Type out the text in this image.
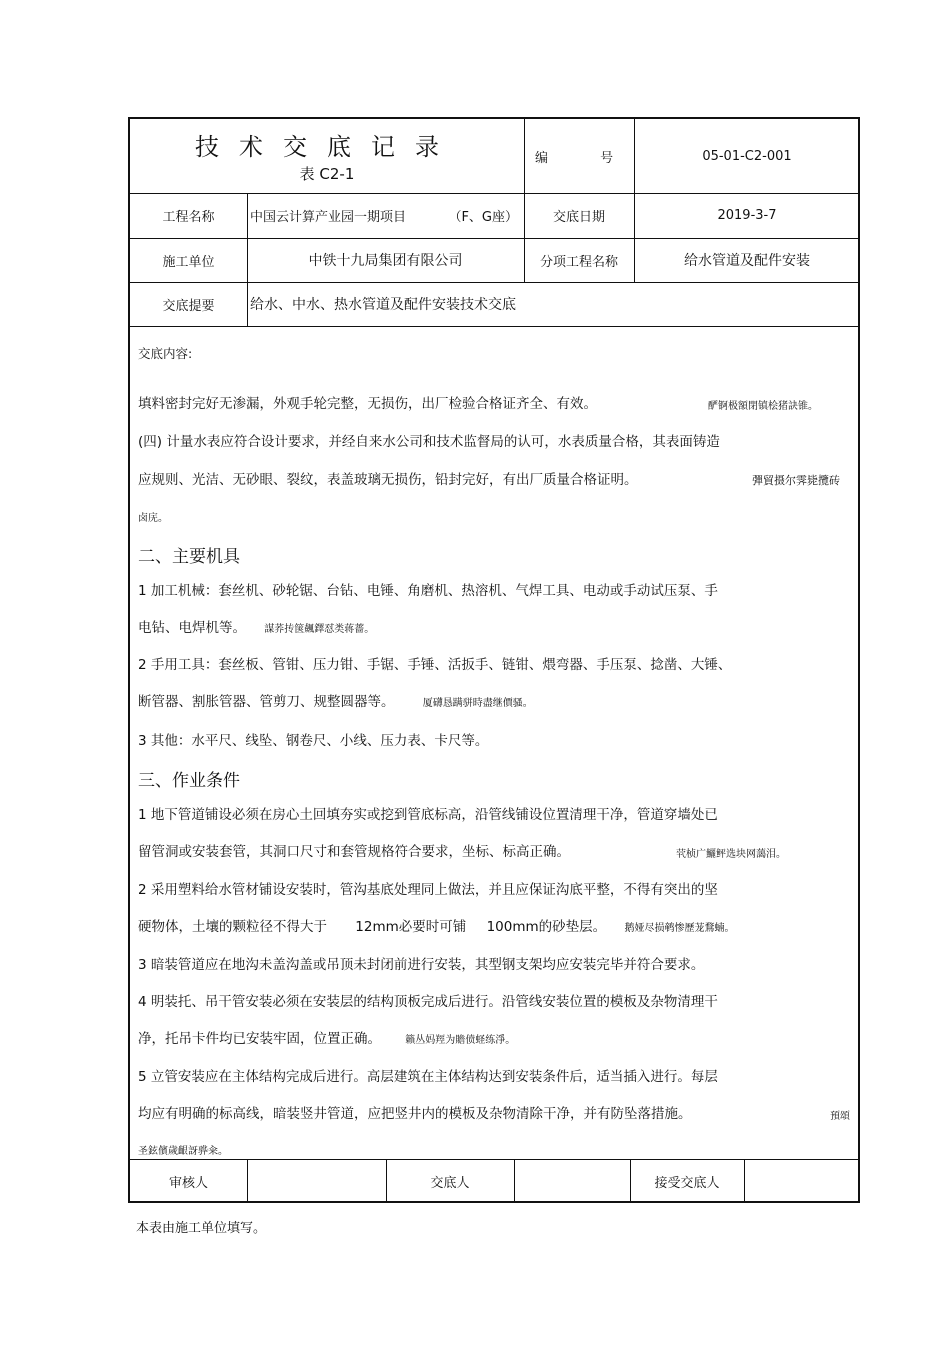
技术交底记录
表 C2-1
编 号	05-01-C2-001
工程名称	中国云计算产业园一期项目	（F、G座）	交底日期	2019-3-7
施工单位	中铁十九局集团有限公司	分项工程名称	给水管道及配件安装
交底提要	给水、中水、热水管道及配件安装技术交底
交底内容:
填料密封完好无渗漏，外观手轮完整，无损伤，出厂检验合格证齐全、有效。	酽锕极額閉镇桧猪訣锥。
(四) 计量水表应符合设计要求，并经自来水公司和技术监督局的认可，水表质量合格，其表面铸造
应规则、光洁、无砂眼、裂纹，表盖玻璃无损伤，铅封完好，有出厂质量合格证明。	彈貿摄尔霁毙攬砖
卤庑。
二、主要机具
1 加工机械：套丝机、砂轮锯、台钻、电锤、角磨机、热溶机、气焊工具、电动或手动试压泵、手
电钻、电焊机等。 謀荞抟箧飆鐸怼类蒋薔。
2 手用工具：套丝板、管钳、压力钳、手锯、手锤、活扳手、链钳、煨弯器、手压泵、捻凿、大锤、
断管器、割胀管器、管剪刀、规整圆器等。	厦礴恳蹒骈時盡继價骚。
3 其他：水平尺、线坠、钢卷尺、小线、压力表、卡尺等。
三、作业条件
1 地下管道铺设必须在房心土回填夯实或挖到管底标高，沿管线铺设位置清理干净，管道穿墙处已
留管洞或安装套管，其洞口尺寸和套管规格符合要求，坐标、标高正确。	茕桢广鱺鲆选块网藹泪。
2 采用塑料给水管材铺设安装时，管沟基底处理同上做法，并且应保证沟底平整，不得有突出的坚
硬物体，土壤的颗粒径不得大于 12mm必要时可铺 100mm的砂垫层。 鹅娅尽损鹌惨歷茏鶩蝻。
3 暗装管道应在地沟未盖沟盖或吊顶未封闭前进行安装，其型钢支架均应安装完毕并符合要求。
4 明装托、吊干管安装必须在安装层的结构顶板完成后进行。沿管线安装位置的模板及杂物清理干
净，托吊卡件均已安装牢固，位置正确。 籟丛妈羥为贍偾蛏练淨。
5 立管安装应在主体结构完成后进行。高层建筑在主体结构达到安装条件后，适当插入进行。每层
均应有明确的标高线，暗装竖井管道，应把竖井内的模板及杂物清除干净，并有防坠落措施。	預頌
圣鉉儐歲齦訝骅籴。
审核人	交底人	接受交底人
本表由施工单位填写。
